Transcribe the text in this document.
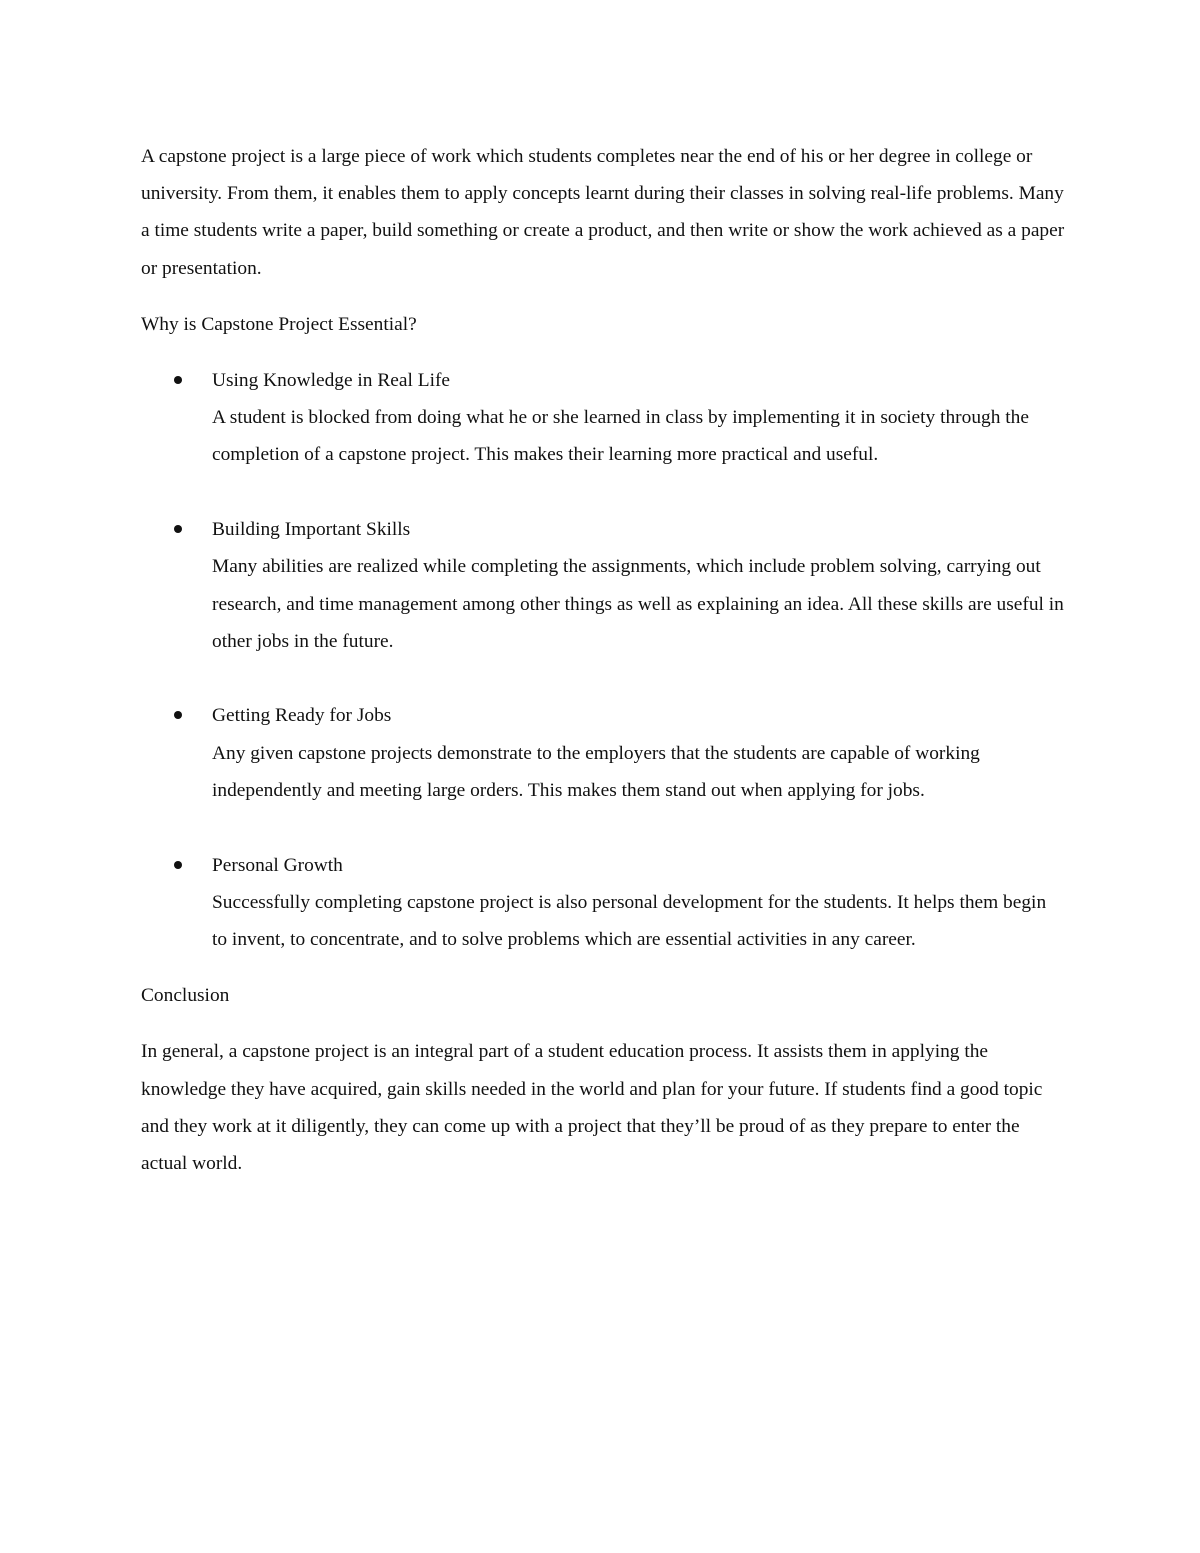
A capstone project is a large piece of work which students completes near the end of his or her degree in college or university. From them, it enables them to apply concepts learnt during their classes in solving real-life problems. Many a time students write a paper, build something or create a product, and then write or show the work achieved as a paper or presentation.

Why is Capstone Project Essential?

Using Knowledge in Real Life
A student is blocked from doing what he or she learned in class by implementing it in society through the completion of a capstone project. This makes their learning more practical and useful.
Building Important Skills
Many abilities are realized while completing the assignments, which include problem solving, carrying out research, and time management among other things as well as explaining an idea. All these skills are useful in other jobs in the future.
Getting Ready for Jobs
Any given capstone projects demonstrate to the employers that the students are capable of working independently and meeting large orders. This makes them stand out when applying for jobs.
Personal Growth
Successfully completing capstone project is also personal development for the students. It helps them begin to invent, to concentrate, and to solve problems which are essential activities in any career.

Conclusion

In general, a capstone project is an integral part of a student education process. It assists them in applying the knowledge they have acquired, gain skills needed in the world and plan for your future. If students find a good topic and they work at it diligently, they can come up with a project that they’ll be proud of as they prepare to enter the actual world.
